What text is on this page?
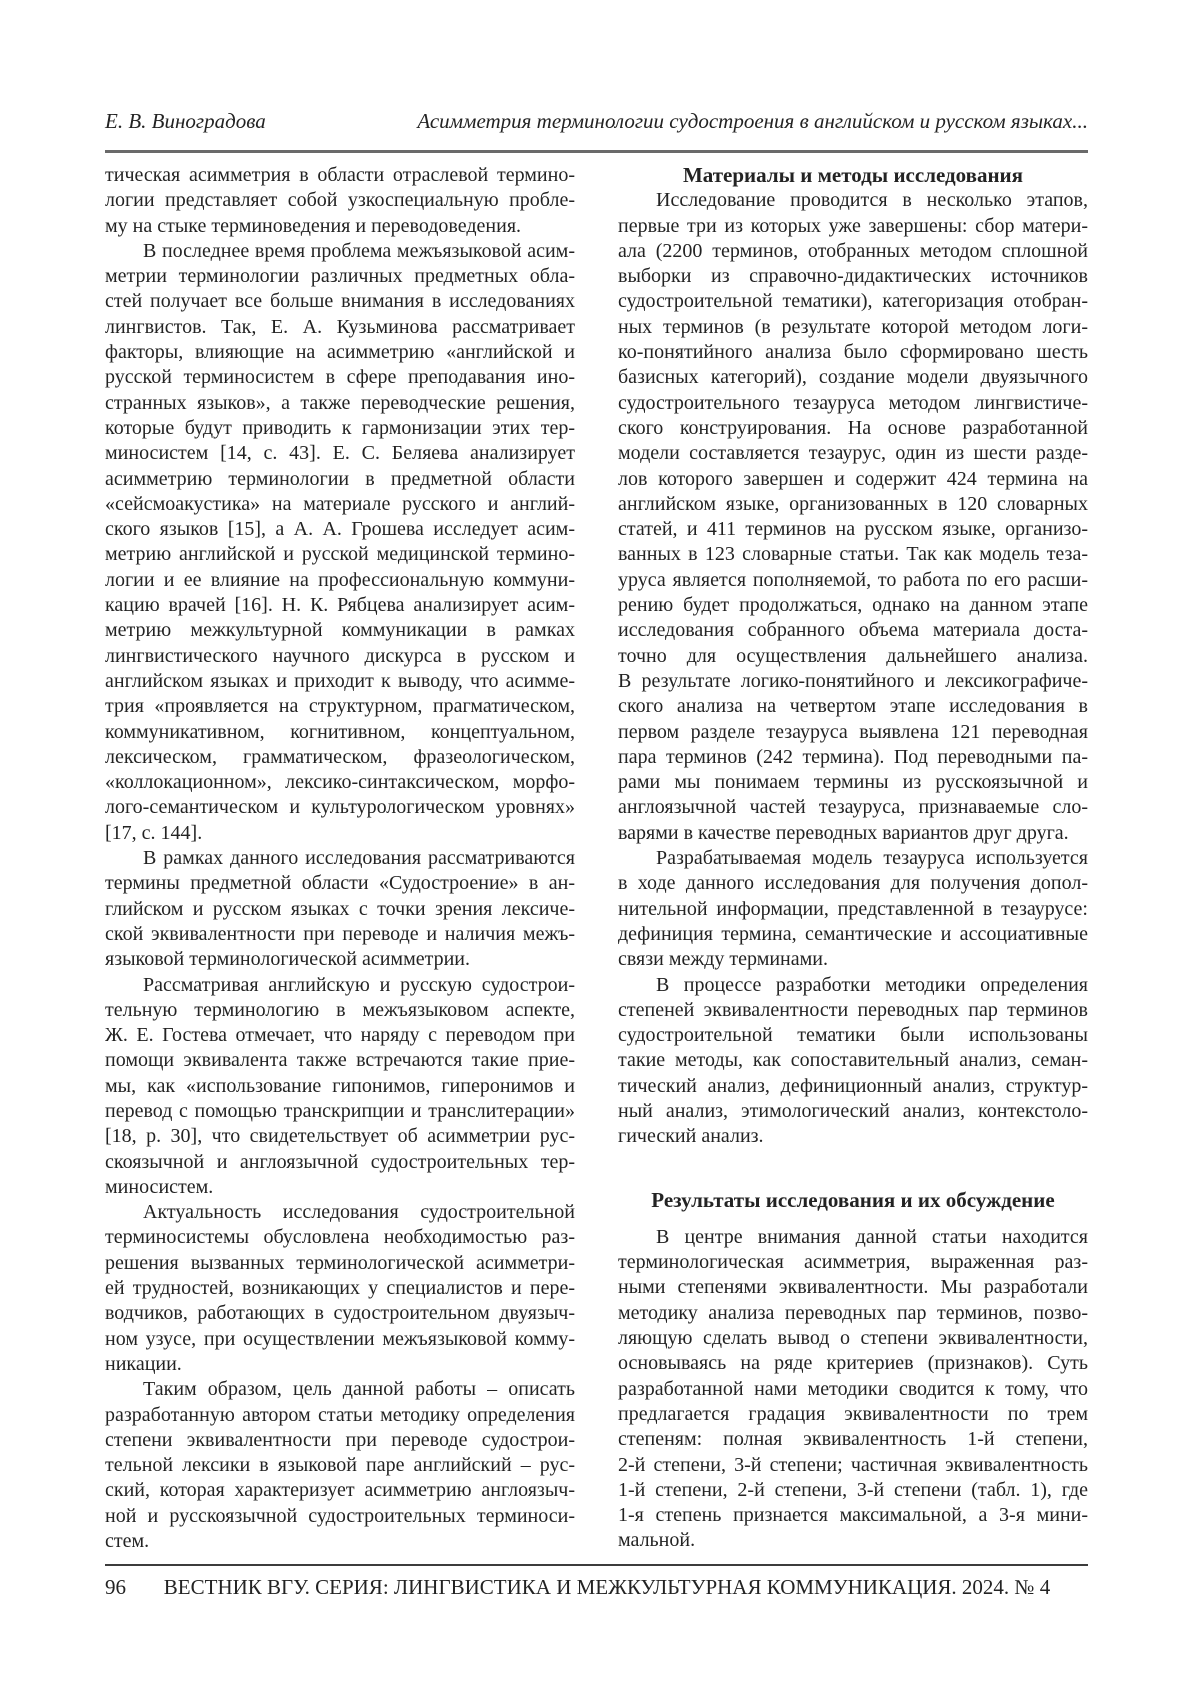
Е. В. Виноградова	Асимметрия терминологии судостроения в английском и русском языках...
тическая асимметрия в области отраслевой термино-
логии представляет собой узкоспециальную пробле-
му на стыке терминоведения и переводоведения.
В последнее время проблема межъязыковой асим-
метрии терминологии различных предметных обла-
стей получает все больше внимания в исследованиях
лингвистов. Так, Е. А. Кузьминова рассматривает
факторы, влияющие на асимметрию «английской и
русской терминосистем в сфере преподавания ино-
странных языков», а также переводческие решения,
которые будут приводить к гармонизации этих тер-
миносистем [14, с. 43]. Е. С. Беляева анализирует
асимметрию терминологии в предметной области
«сейсмоакустика» на материале русского и англий-
ского языков [15], а А. А. Грошева исследует асим-
метрию английской и русской медицинской термино-
логии и ее влияние на профессиональную коммуни-
кацию врачей [16]. Н. К. Рябцева анализирует асим-
метрию межкультурной коммуникации в рамках
лингвистического научного дискурса в русском и
английском языках и приходит к выводу, что асимме-
трия «проявляется на структурном, прагматическом,
коммуникативном, когнитивном, концептуальном,
лексическом, грамматическом, фразеологическом,
«коллокационном», лексико-синтаксическом, морфо-
лого-семантическом и культурологическом уровнях»
[17, с. 144].
В рамках данного исследования рассматриваются
термины предметной области «Судостроение» в ан-
глийском и русском языках с точки зрения лексиче-
ской эквивалентности при переводе и наличия межъ-
языковой терминологической асимметрии.
Рассматривая английскую и русскую судострои-
тельную терминологию в межъязыковом аспекте,
Ж. Е. Гостева отмечает, что наряду с переводом при
помощи эквивалента также встречаются такие прие-
мы, как «использование гипонимов, гиперонимов и
перевод с помощью транскрипции и транслитерации»
[18, p. 30], что свидетельствует об асимметрии рус-
скоязычной и англоязычной судостроительных тер-
миносистем.
Актуальность исследования судостроительной
терминосистемы обусловлена необходимостью раз-
решения вызванных терминологической асимметри-
ей трудностей, возникающих у специалистов и пере-
водчиков, работающих в судостроительном двуязыч-
ном узусе, при осуществлении межъязыковой комму-
никации.
Таким образом, цель данной работы – описать
разработанную автором статьи методику определения
степени эквивалентности при переводе судострои-
тельной лексики в языковой паре английский – рус-
ский, которая характеризует асимметрию англоязыч-
ной и русскоязычной судостроительных терминоси-
стем.
Материалы и методы исследования
Исследование проводится в несколько этапов,
первые три из которых уже завершены: сбор матери-
ала (2200 терминов, отобранных методом сплошной
выборки из справочно-дидактических источников
судостроительной тематики), категоризация отобран-
ных терминов (в результате которой методом логи-
ко-понятийного анализа было сформировано шесть
базисных категорий), создание модели двуязычного
судостроительного тезауруса методом лингвистиче-
ского конструирования. На основе разработанной
модели составляется тезаурус, один из шести разде-
лов которого завершен и содержит 424 термина на
английском языке, организованных в 120 словарных
статей, и 411 терминов на русском языке, организо-
ванных в 123 словарные статьи. Так как модель теза-
уруса является пополняемой, то работа по его расши-
рению будет продолжаться, однако на данном этапе
исследования собранного объема материала доста-
точно для осуществления дальнейшего анализа.
В результате логико-понятийного и лексикографиче-
ского анализа на четвертом этапе исследования в
первом разделе тезауруса выявлена 121 переводная
пара терминов (242 термина). Под переводными па-
рами мы понимаем термины из русскоязычной и
англоязычной частей тезауруса, признаваемые сло-
варями в качестве переводных вариантов друг друга.
Разрабатываемая модель тезауруса используется
в ходе данного исследования для получения допол-
нительной информации, представленной в тезаурусе:
дефиниция термина, семантические и ассоциативные
связи между терминами.
В процессе разработки методики определения
степеней эквивалентности переводных пар терминов
судостроительной тематики были использованы
такие методы, как сопоставительный анализ, семан-
тический анализ, дефиниционный анализ, структур-
ный анализ, этимологический анализ, контекстоло-
гический анализ.
Результаты исследования и их обсуждение
В центре внимания данной статьи находится
терминологическая асимметрия, выраженная раз-
ными степенями эквивалентности. Мы разработали
методику анализа переводных пар терминов, позво-
ляющую сделать вывод о степени эквивалентности,
основываясь на ряде критериев (признаков). Суть
разработанной нами методики сводится к тому, что
предлагается градация эквивалентности по трем
степеням: полная эквивалентность 1-й степени,
2-й степени, 3-й степени; частичная эквивалентность
1-й степени, 2-й степени, 3-й степени (табл. 1), где
1-я степень признается максимальной, а 3-я мини-
мальной.
96	ВЕСТНИК ВГУ. СЕРИЯ: ЛИНГВИСТИКА И МЕЖКУЛЬТУРНАЯ КОММУНИКАЦИЯ. 2024. № 4
